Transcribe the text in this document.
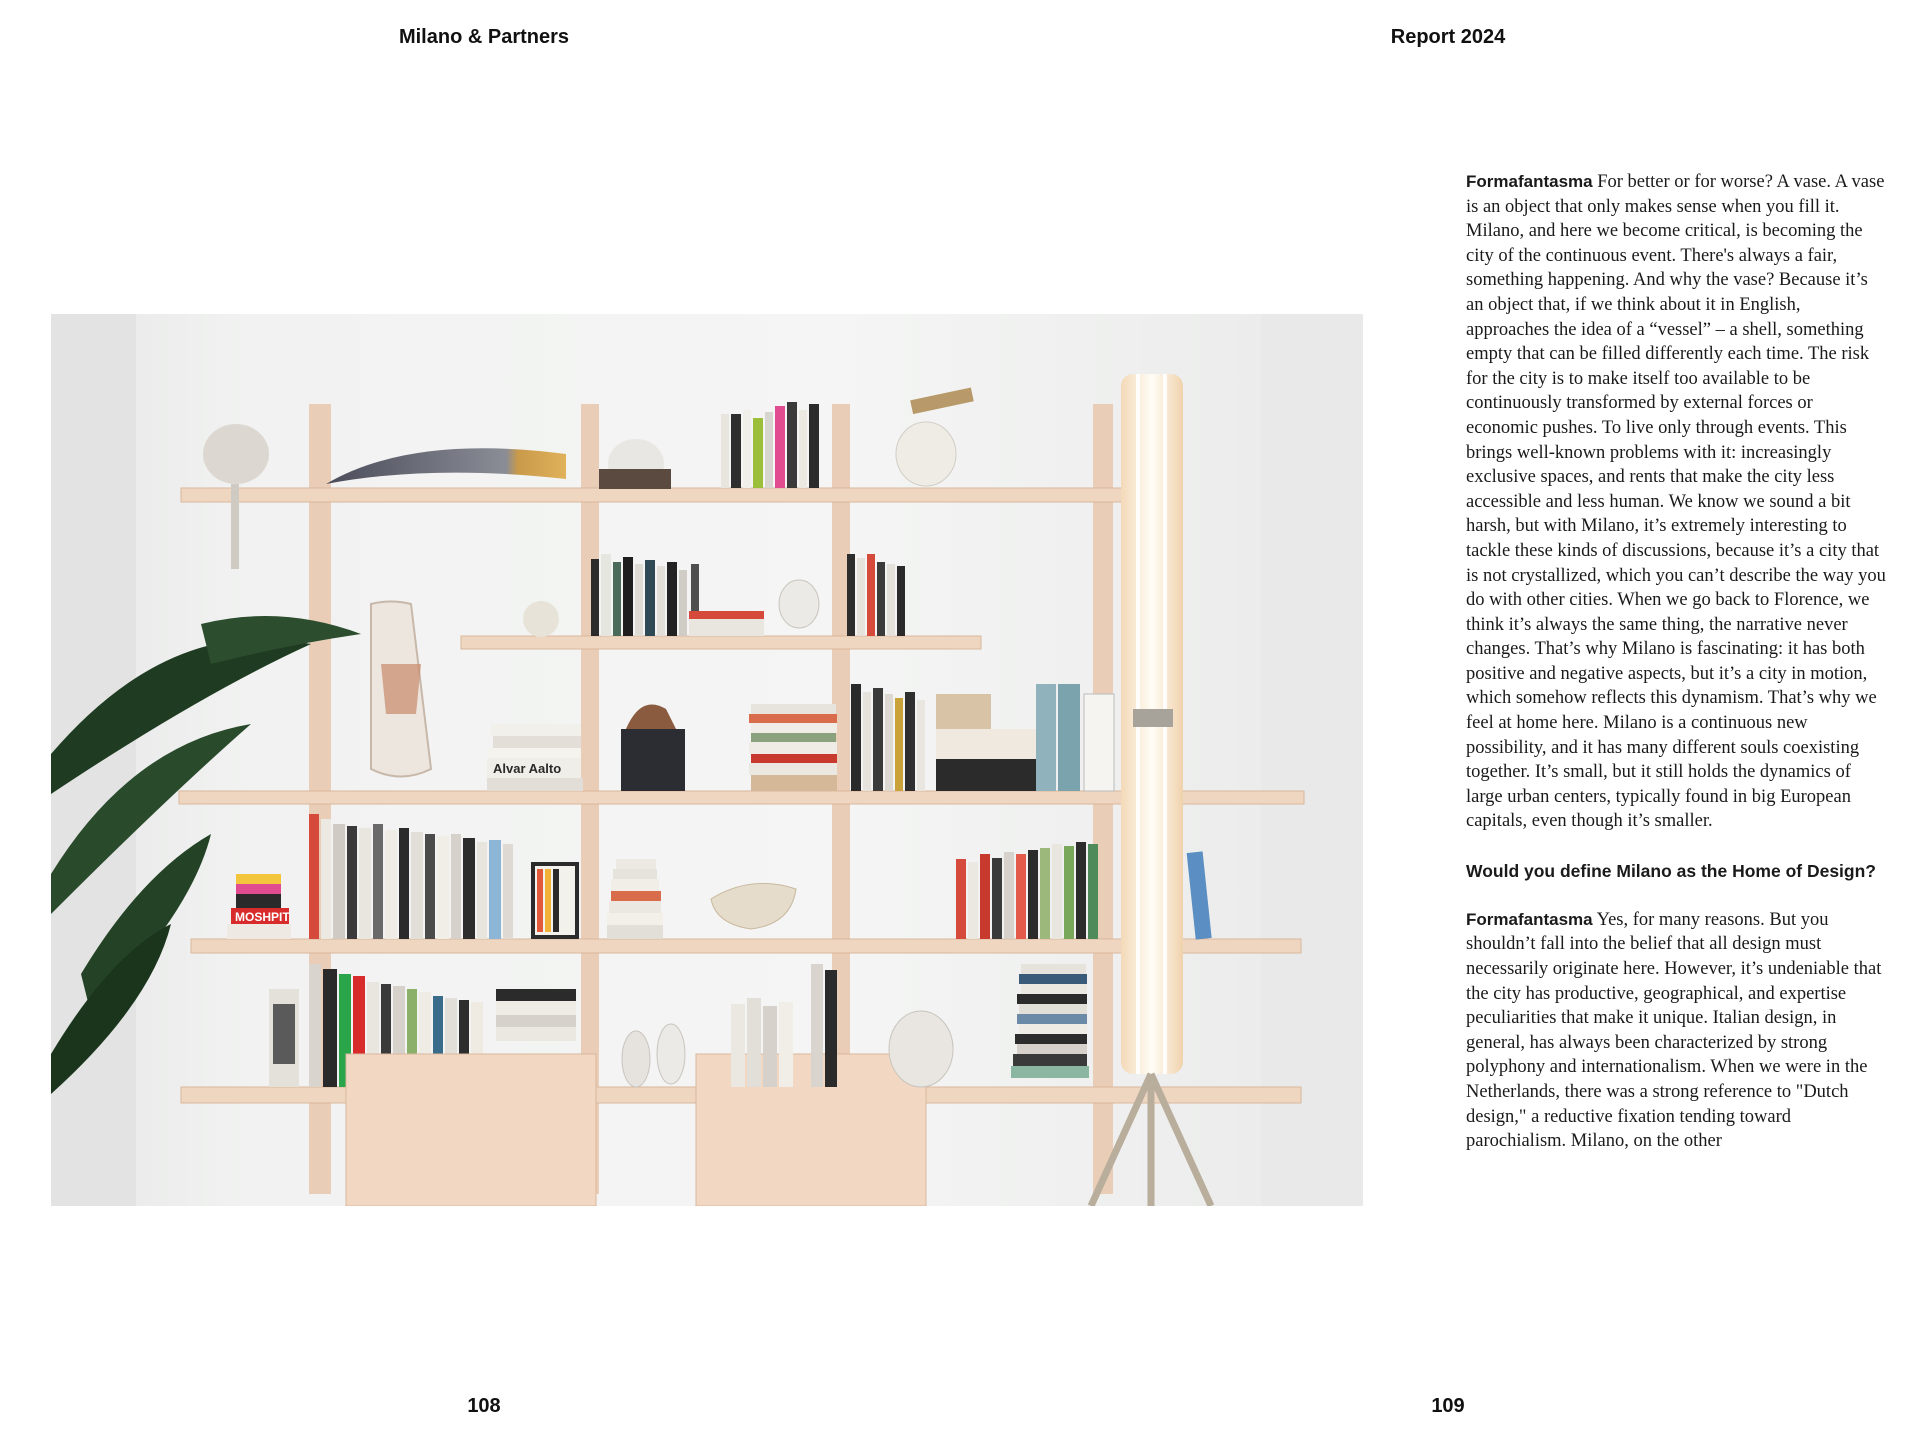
Milano & Partners	Report 2024
Alvar Aalto
MOSHPIT

Formafantasma For better or for worse? A vase. A vase is an object that only makes sense when you fill it. Milano, and here we become critical, is becoming the city of the continuous event. There's always a fair, something happening. And why the vase? Because it’s an object that, if we think about it in English, approaches the idea of a “vessel” – a shell, something empty that can be filled differently each time. The risk for the city is to make itself too available to be continuously transformed by external forces or economic pushes. To live only through events. This brings well-known problems with it: increasingly exclusive spaces, and rents that make the city less accessible and less human. We know we sound a bit harsh, but with Milano, it’s extremely interesting to tackle these kinds of discussions, because it’s a city that is not crystallized, which you can’t describe the way you do with other cities. When we go back to Florence, we think it’s always the same thing, the narrative never changes. That’s why Milano is fascinating: it has both positive and negative aspects, but it’s a city in motion, which somehow reflects this dynamism. That’s why we feel at home here. Milano is a continuous new possibility, and it has many different souls coexisting together. It’s small, but it still holds the dynamics of large urban centers, typically found in big European capitals, even though it’s smaller.

Would you define Milano as the Home of Design?

Formafantasma Yes, for many reasons. But you shouldn’t fall into the belief that all design must necessarily originate here. However, it’s undeniable that the city has productive, geographical, and expertise peculiarities that make it unique. Italian design, in general, has always been characterized by strong polyphony and internationalism. When we were in the Netherlands, there was a strong reference to "Dutch design," a reductive fixation tending toward parochialism. Milano, on the other

108	109
